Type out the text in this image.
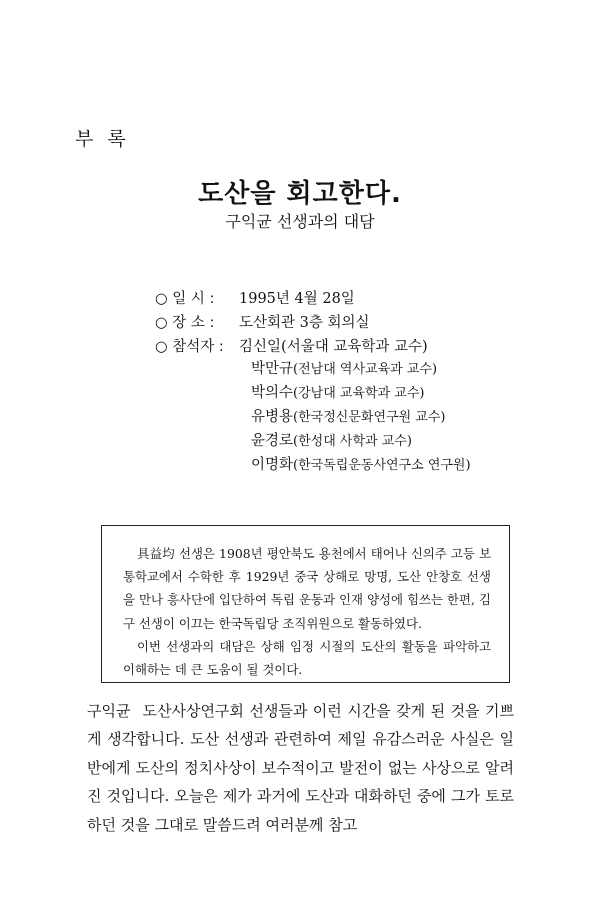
부 록
도산을 회고한다.
구익균 선생과의 대담
○ 일 시 :	1995년 4월 28일
○ 장 소 :	도산회관 3층 회의실
○ 참석자 :	김신일(서울대 교육학과 교수)
박만규(전남대 역사교육과 교수)
박의수(강남대 교육학과 교수)
유병용(한국정신문화연구원 교수)
윤경로(한성대 사학과 교수)
이명화(한국독립운동사연구소 연구원)

具益均 선생은 1908년 평안북도 용천에서 태어나 신의주 고등 보통학교에서 수학한 후 1929년 중국 상해로 망명, 도산 안창호 선생을 만나 흥사단에 입단하여 독립 운동과 인재 양성에 힘쓰는 한편, 김구 선생이 이끄는 한국독립당 조직위원으로 활동하였다.

이번 선생과의 대담은 상해 임정 시절의 도산의 활동을 파악하고 이해하는 데 큰 도움이 될 것이다.

구익균 도산사상연구회 선생들과 이런 시간을 갖게 된 것을 기쁘게 생각합니다. 도산 선생과 관련하여 제일 유감스러운 사실은 일반에게 도산의 정치사상이 보수적이고 발전이 없는 사상으로 알려진 것입니다. 오늘은 제가 과거에 도산과 대화하던 중에 그가 토로하던 것을 그대로 말씀드려 여러분께 참고
